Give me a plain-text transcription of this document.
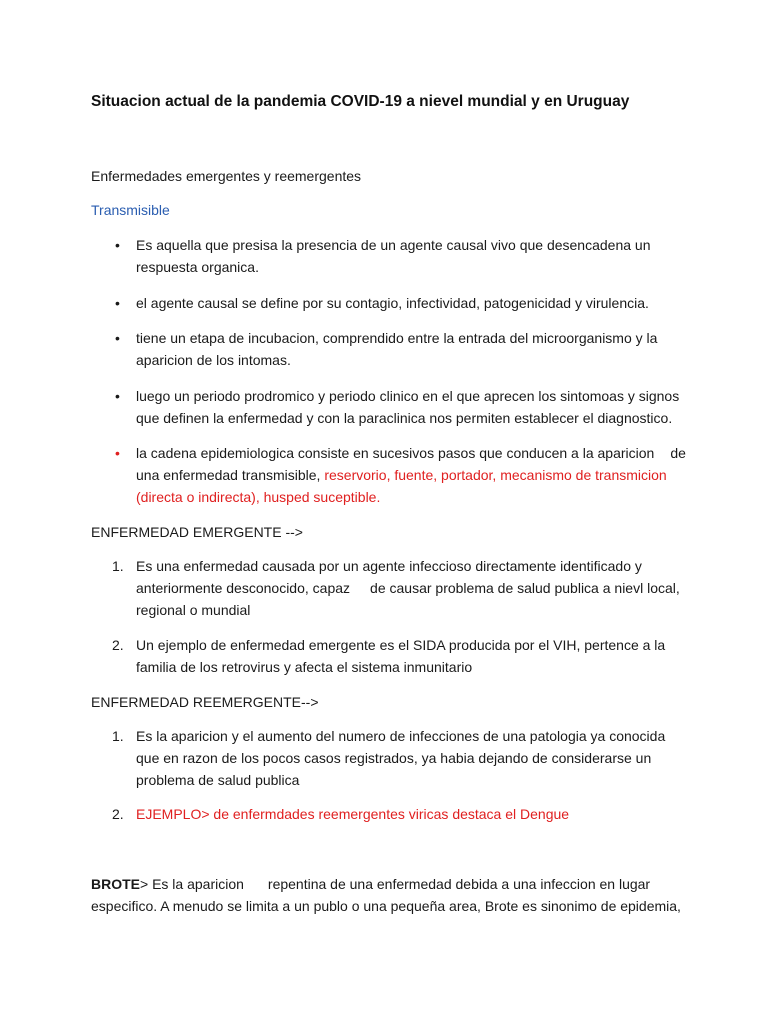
Situacion actual de la pandemia COVID-19 a nievel mundial y en Uruguay

Enfermedades emergentes y reemergentes

Transmisible

• Es aquella que presisa la presencia de un agente causal vivo que desencadena un
respuesta organica.
• el agente causal se define por su contagio, infectividad, patogenicidad y virulencia.
• tiene un etapa de incubacion, comprendido entre la entrada del microorganismo y la
aparicion de los intomas.
• luego un periodo prodromico y periodo clinico en el que aprecen los sintomoas y signos
que definen la enfermedad y con la paraclinica nos permiten establecer el diagnostico.
• la cadena epidemiologica consiste en sucesivos pasos que conducen a la aparicion de
una enfermedad transmisible, reservorio, fuente, portador, mecanismo de transmicion
(directa o indirecta), husped suceptible.

ENFERMEDAD EMERGENTE -->

1. Es una enfermedad causada por un agente infeccioso directamente identificado y
anteriormente desconocido, capaz de causar problema de salud publica a nievl local,
regional o mundial
2. Un ejemplo de enfermedad emergente es el SIDA producida por el VIH, pertence a la
familia de los retrovirus y afecta el sistema inmunitario

ENFERMEDAD REEMERGENTE-->

1. Es la aparicion y el aumento del numero de infecciones de una patologia ya conocida
que en razon de los pocos casos registrados, ya habia dejando de considerarse un
problema de salud publica
2. EJEMPLO> de enfermdades reemergentes viricas destaca el Dengue

BROTE> Es la aparicion repentina de una enfermedad debida a una infeccion en lugar
especifico. A menudo se limita a un publo o una pequeña area, Brote es sinonimo de epidemia,
